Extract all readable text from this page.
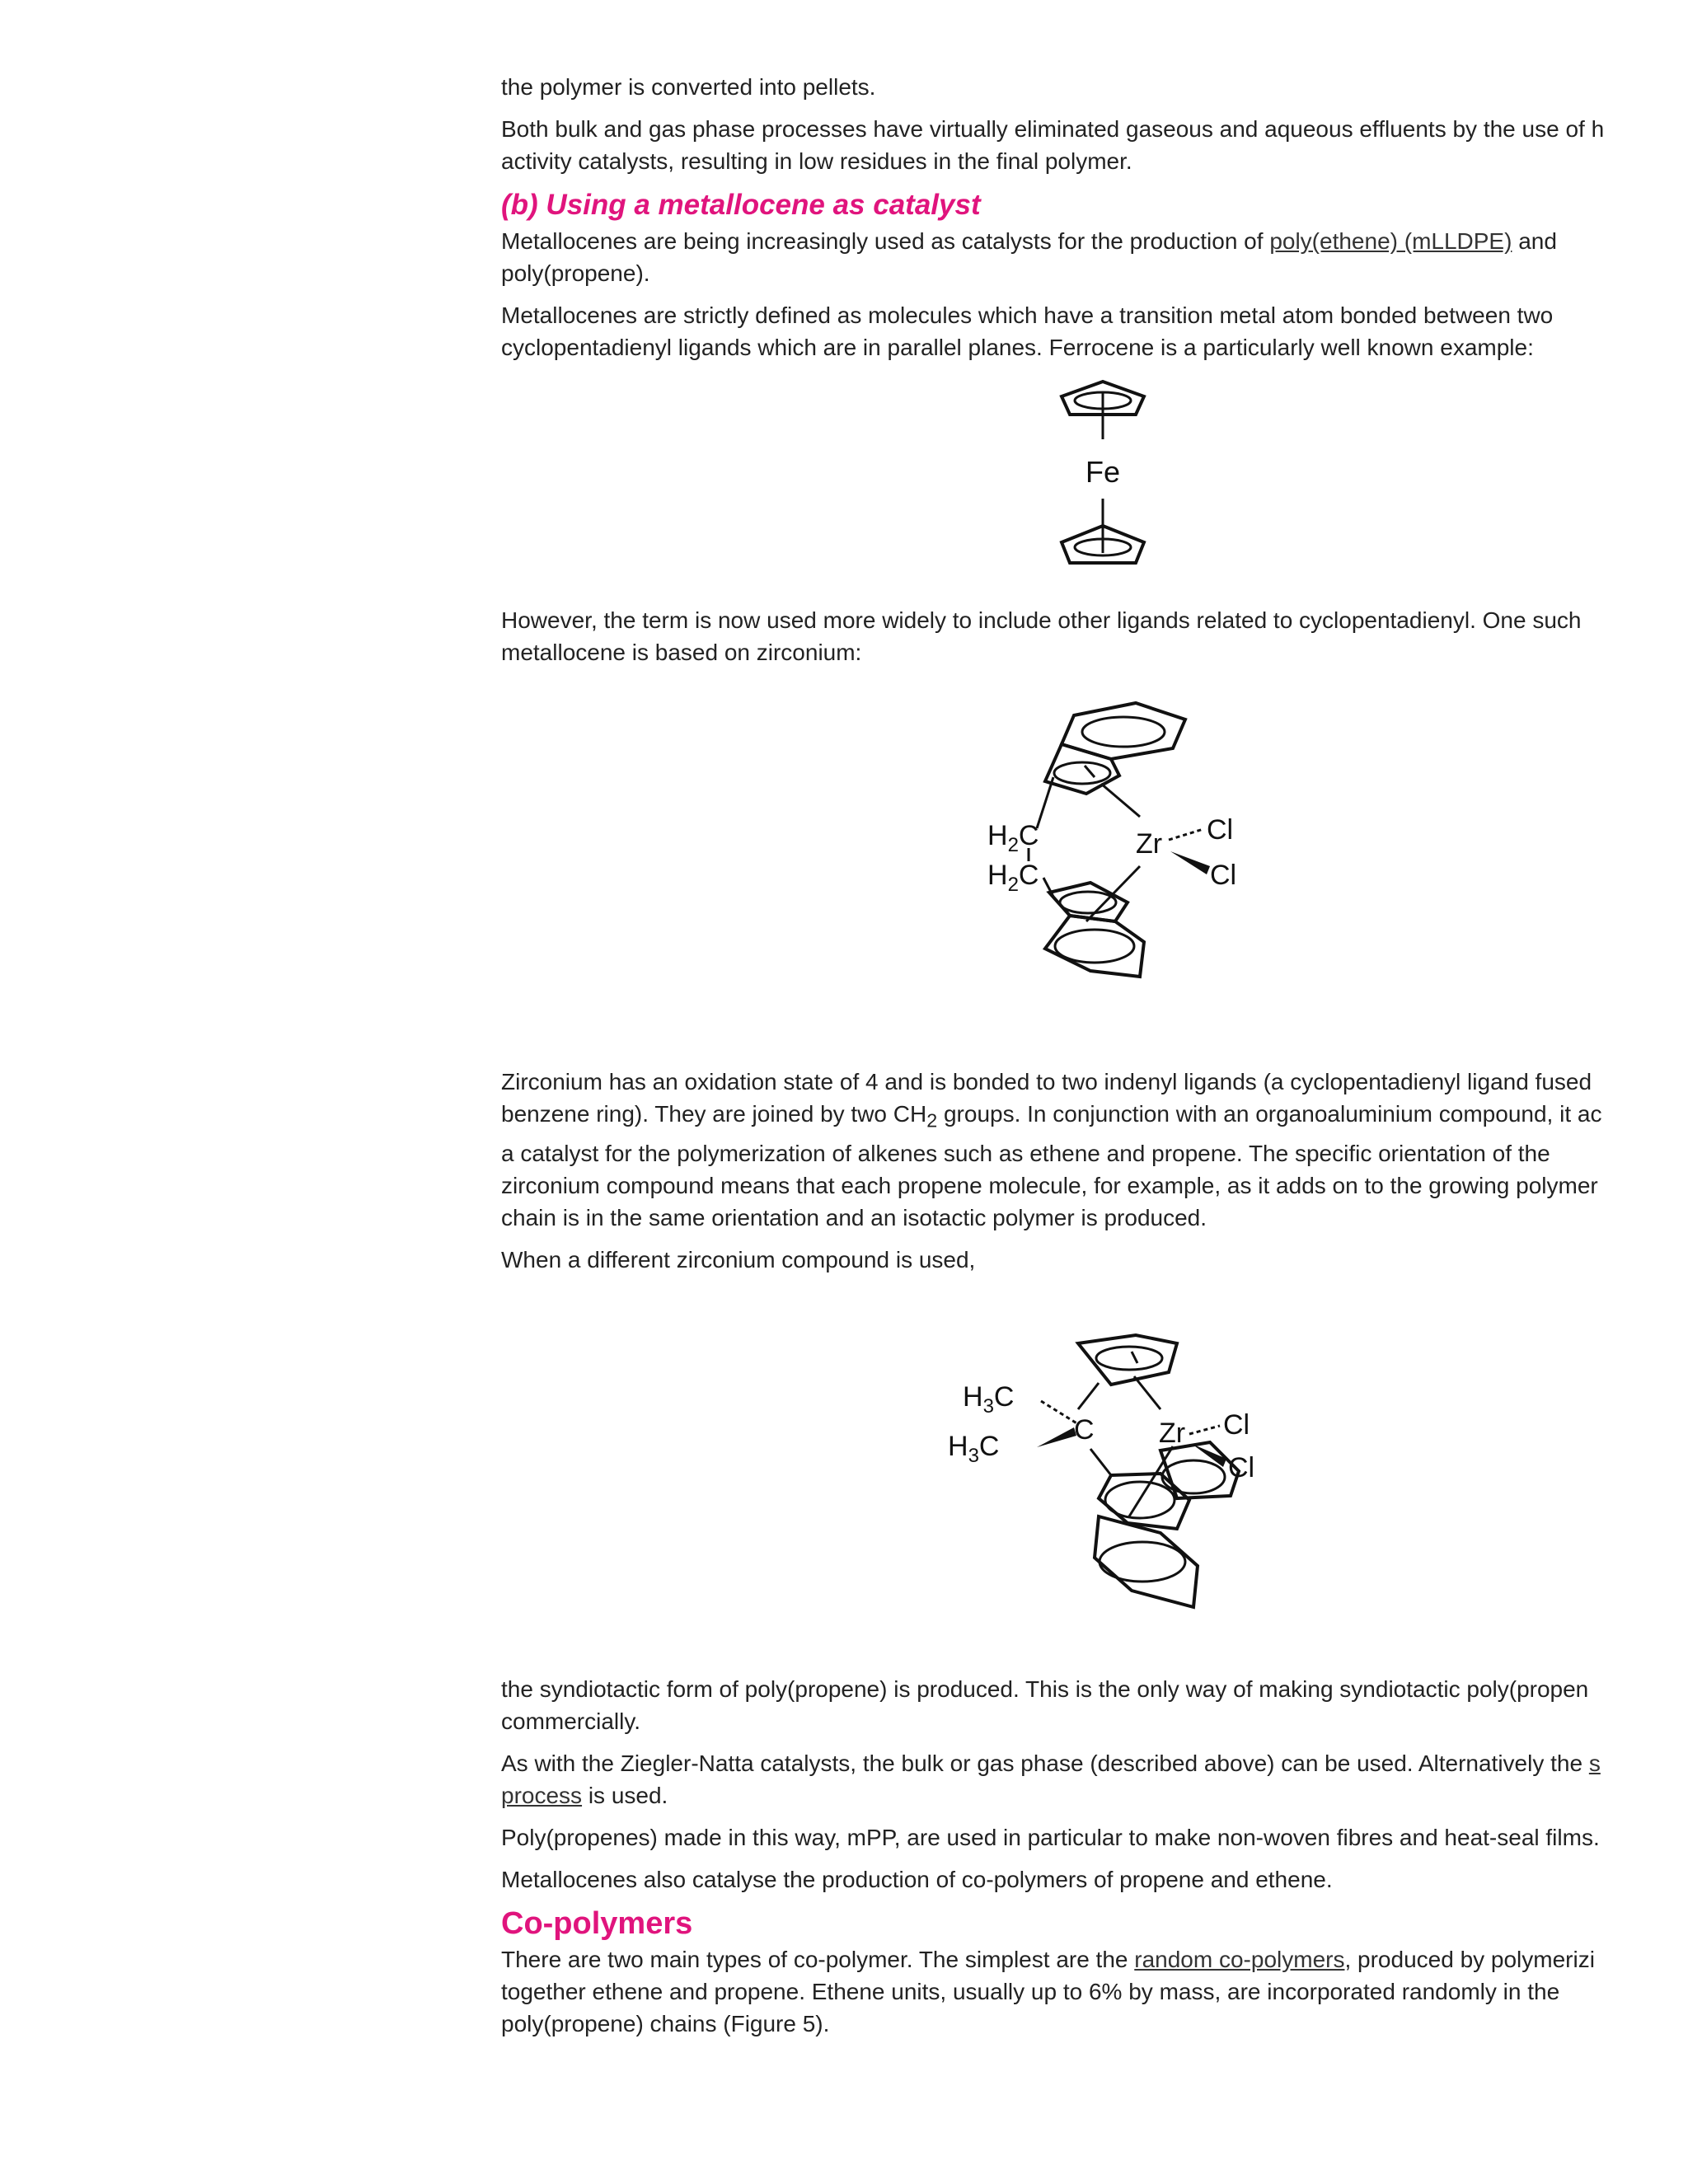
the polymer is converted into pellets.

Both bulk and gas phase processes have virtually eliminated gaseous and aqueous effluents by the use of h
activity catalysts, resulting in low residues in the final polymer.

(b) Using a metallocene as catalyst

Metallocenes are being increasingly used as catalysts for the production of poly(ethene) (mLLDPE) and
poly(propene).

Metallocenes are strictly defined as molecules which have a transition metal atom bonded between two
cyclopentadienyl ligands which are in parallel planes. Ferrocene is a particularly well known example:

Fe

However, the term is now used more widely to include other ligands related to cyclopentadienyl. One such
metallocene is based on zirconium:

$H_2C$
$H_2C$
Zr Cl
Cl

Zirconium has an oxidation state of 4 and is bonded to two indenyl ligands (a cyclopentadienyl ligand fused
benzene ring). They are joined by two $CH_2$ groups. In conjunction with an organoaluminium compound, it ac
a catalyst for the polymerization of alkenes such as ethene and propene. The specific orientation of the
zirconium compound means that each propene molecule, for example, as it adds on to the growing polymer
chain is in the same orientation and an isotactic polymer is produced.

When a different zirconium compound is used,

$H_3C$
$H_3C$
C Zr Cl
Cl

the syndiotactic form of poly(propene) is produced. This is the only way of making syndiotactic poly(propen
commercially.

As with the Ziegler-Natta catalysts, the bulk or gas phase (described above) can be used. Alternatively the s
process is used.

Poly(propenes) made in this way, mPP, are used in particular to make non-woven fibres and heat-seal films.

Metallocenes also catalyse the production of co-polymers of propene and ethene.

Co-polymers

There are two main types of co-polymer. The simplest are the random co-polymers, produced by polymerizi
together ethene and propene. Ethene units, usually up to 6% by mass, are incorporated randomly in the
poly(propene) chains (Figure 5).
